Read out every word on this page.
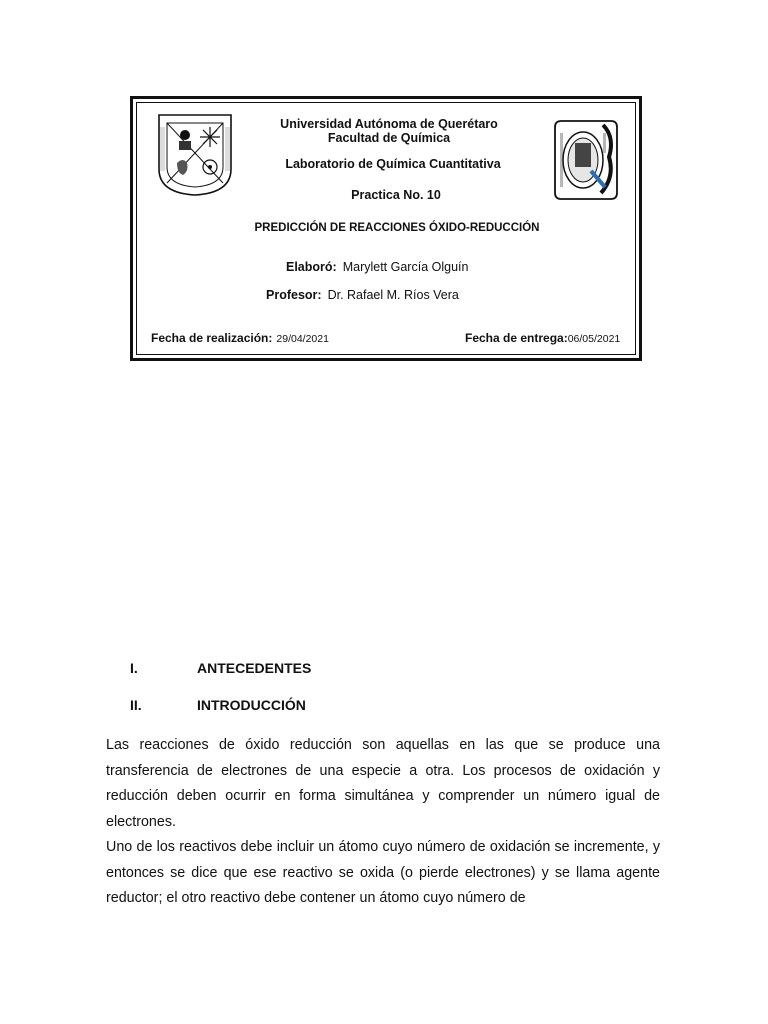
Universidad Autónoma de Querétaro
Facultad de Química
Laboratorio de Química Cuantitativa
Practica No. 10
PREDICCIÓN DE REACCIONES ÓXIDO-REDUCCIÓN
Elaboró: Marylett García Olguín
Profesor: Dr. Rafael M. Ríos Vera
Fecha de realización: 29/04/2021	Fecha de entrega:06/05/2021
I.	ANTECEDENTES
II.	INTRODUCCIÓN

Las reacciones de óxido reducción son aquellas en las que se produce una transferencia de electrones de una especie a otra. Los procesos de oxidación y reducción deben ocurrir en forma simultánea y comprender un número igual de electrones.

Uno de los reactivos debe incluir un átomo cuyo número de oxidación se incremente, y entonces se dice que ese reactivo se oxida (o pierde electrones) y se llama agente reductor; el otro reactivo debe contener un átomo cuyo número de
